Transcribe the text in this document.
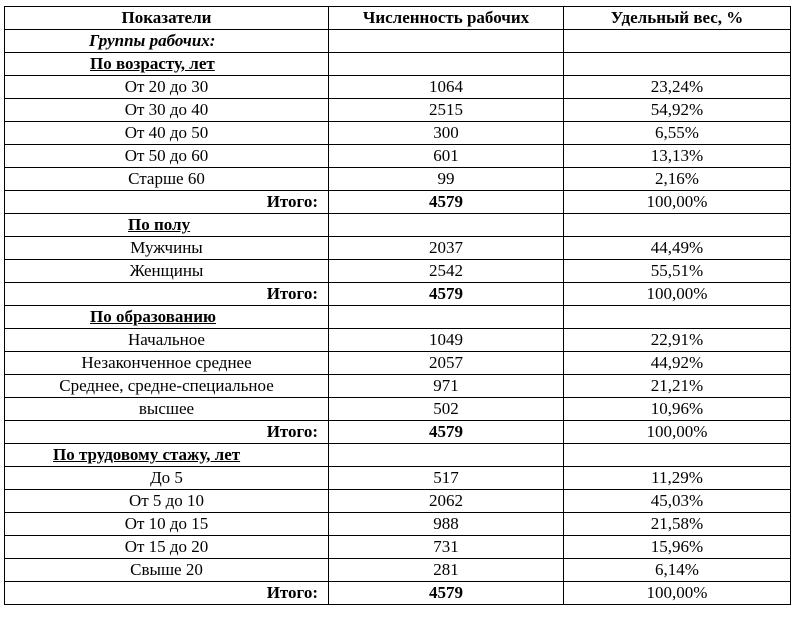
Показатели	Численность рабочих	Удельный вес, %
Группы рабочих:		
По возрасту, лет		
От 20 до 30	1064	23,24%
От 30 до 40	2515	54,92%
От 40 до 50	300	6,55%
От 50 до 60	601	13,13%
Старше 60	99	2,16%
Итого:	4579	100,00%
По полу		
Мужчины	2037	44,49%
Женщины	2542	55,51%
Итого:	4579	100,00%
По образованию		
Начальное	1049	22,91%
Незаконченное среднее	2057	44,92%
Среднее, средне-специальное	971	21,21%
высшее	502	10,96%
Итого:	4579	100,00%
По трудовому стажу, лет		
До 5	517	11,29%
От 5 до 10	2062	45,03%
От 10 до 15	988	21,58%
От 15 до 20	731	15,96%
Свыше 20	281	6,14%
Итого:	4579	100,00%
